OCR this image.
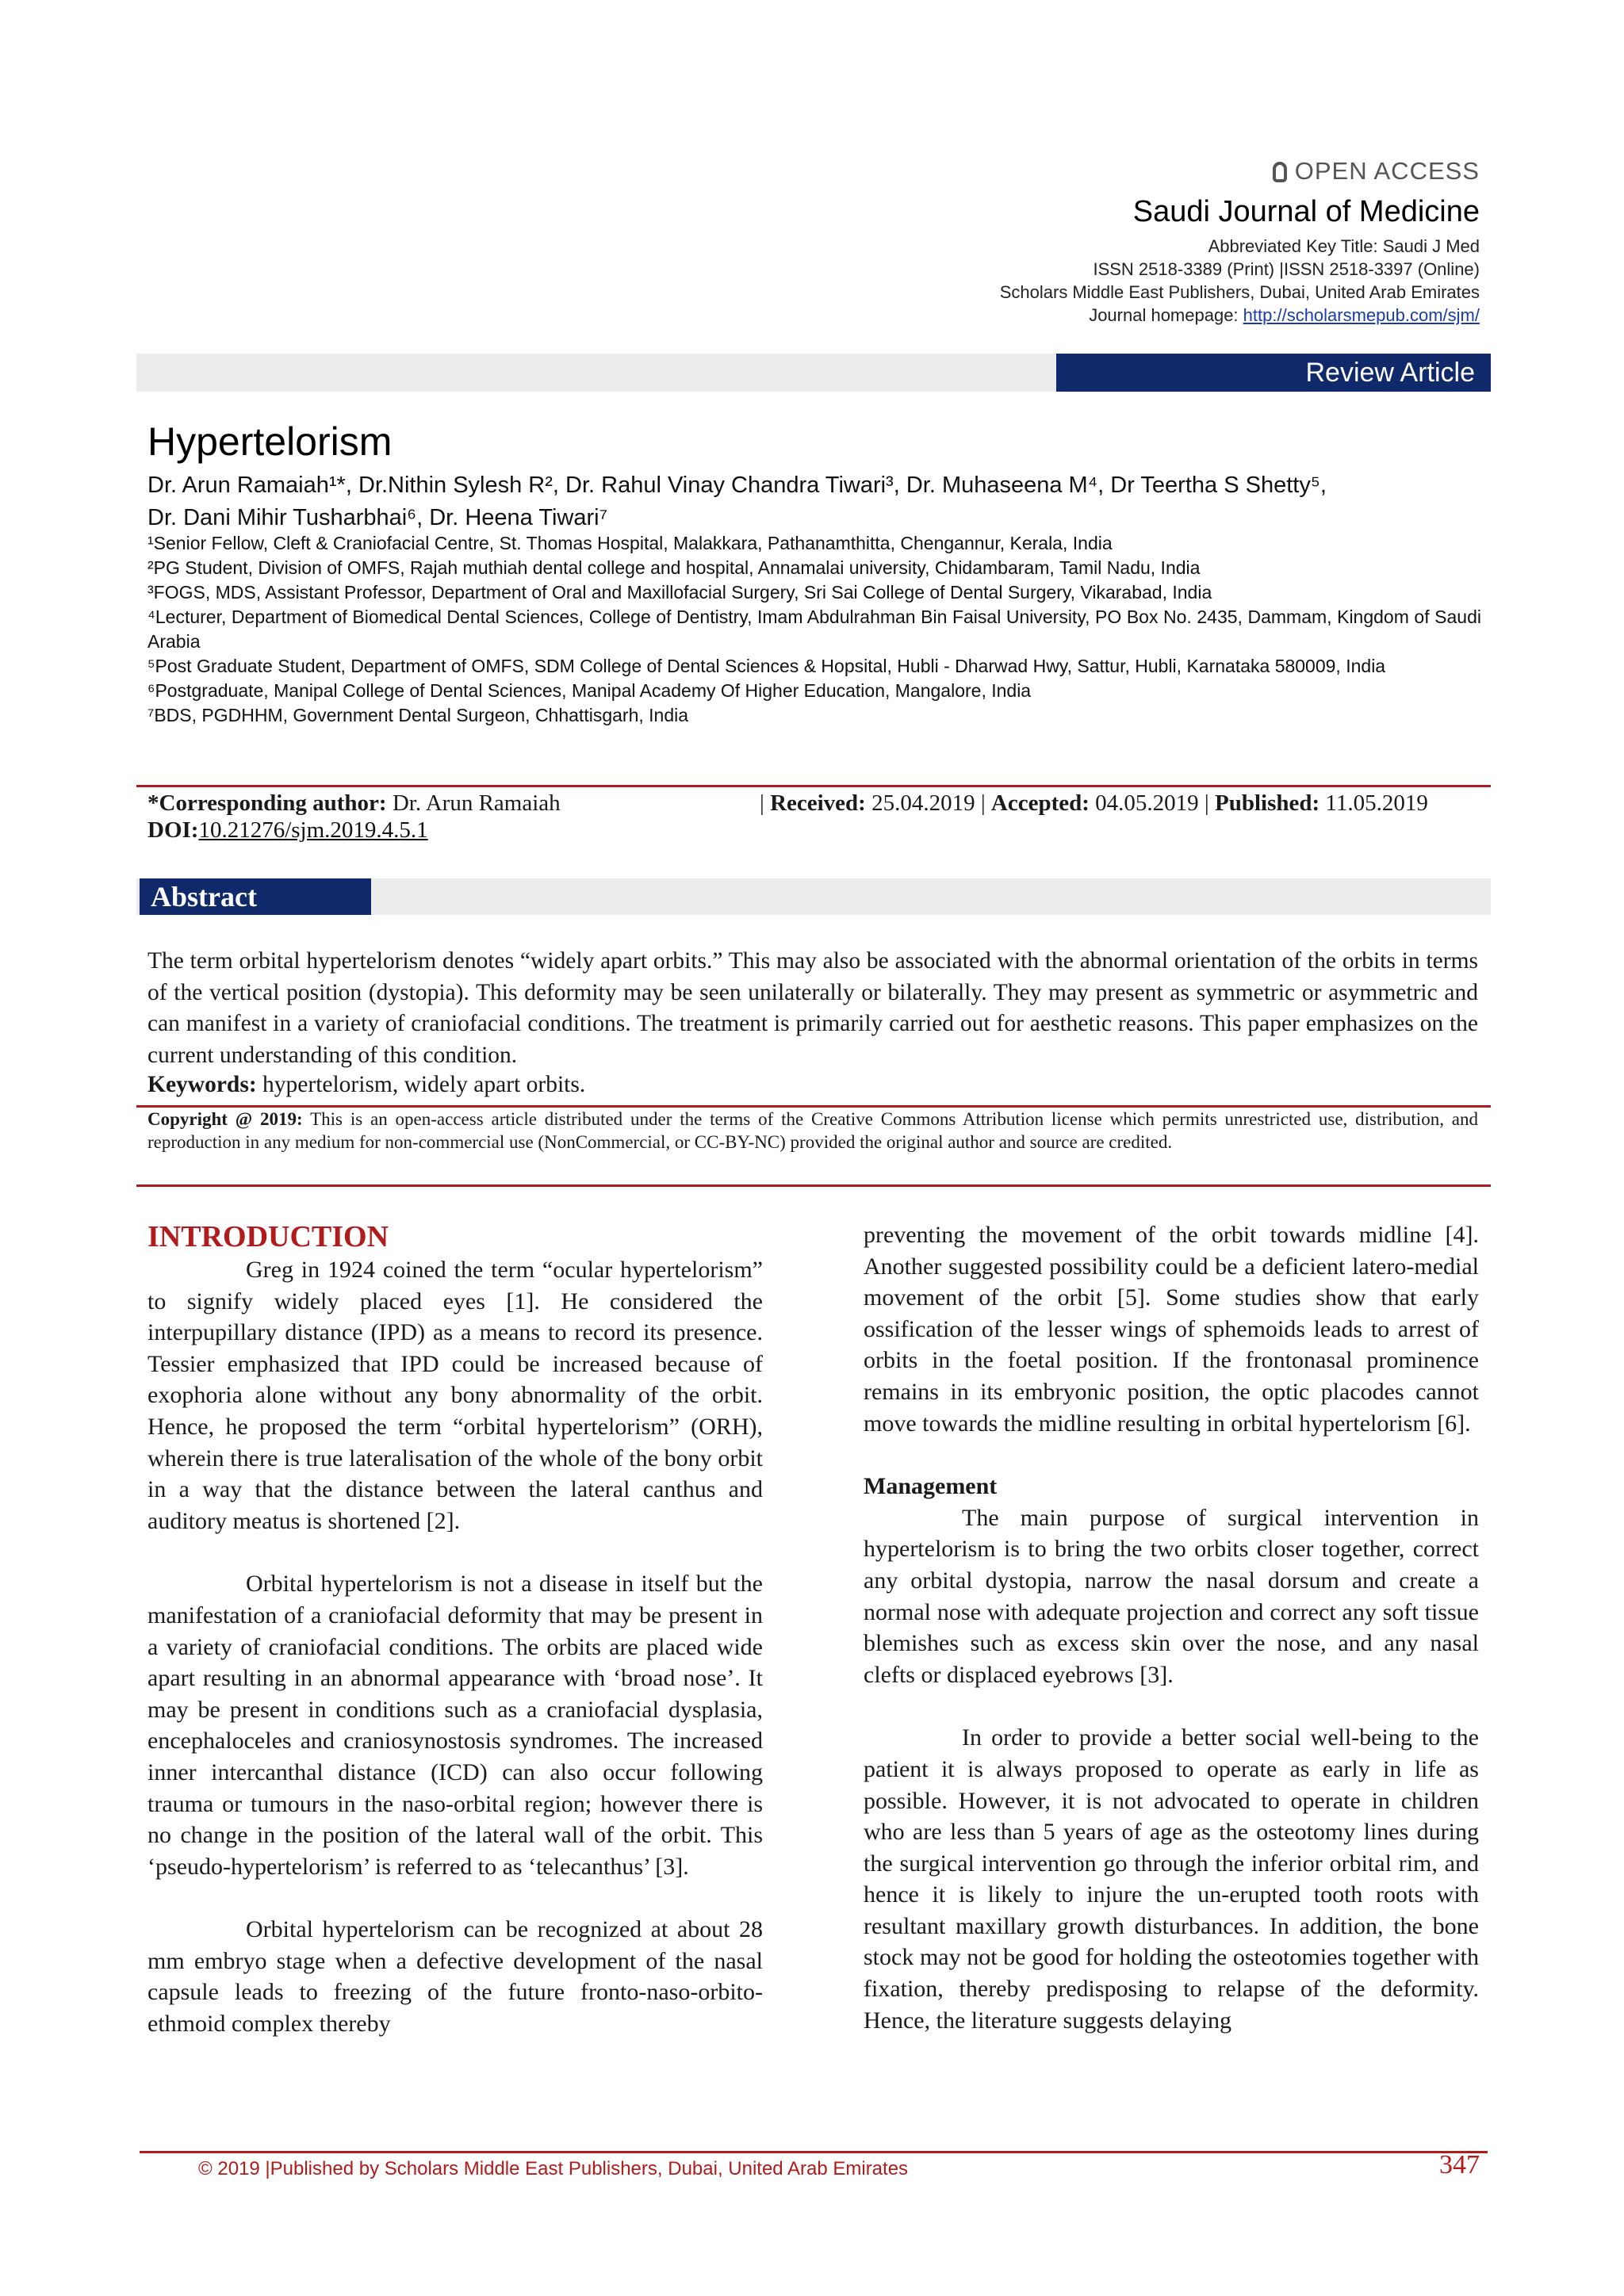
OPEN ACCESS
Saudi Journal of Medicine
Abbreviated Key Title: Saudi J Med
ISSN 2518-3389 (Print) |ISSN 2518-3397 (Online)
Scholars Middle East Publishers, Dubai, United Arab Emirates
Journal homepage: http://scholarsmepub.com/sjm/
Review Article
Hypertelorism
Dr. Arun Ramaiah¹*, Dr.Nithin Sylesh R², Dr. Rahul Vinay Chandra Tiwari³, Dr. Muhaseena M⁴, Dr Teertha S Shetty⁵,
Dr. Dani Mihir Tusharbhai⁶, Dr. Heena Tiwari⁷
¹Senior Fellow, Cleft & Craniofacial Centre, St. Thomas Hospital, Malakkara, Pathanamthitta, Chengannur, Kerala, India
²PG Student, Division of OMFS, Rajah muthiah dental college and hospital, Annamalai university, Chidambaram, Tamil Nadu, India
³FOGS, MDS, Assistant Professor, Department of Oral and Maxillofacial Surgery, Sri Sai College of Dental Surgery, Vikarabad, India
⁴Lecturer, Department of Biomedical Dental Sciences, College of Dentistry, Imam Abdulrahman Bin Faisal University, PO Box No. 2435, Dammam, Kingdom of Saudi Arabia
⁵Post Graduate Student, Department of OMFS, SDM College of Dental Sciences & Hopsital, Hubli - Dharwad Hwy, Sattur, Hubli, Karnataka 580009, India
⁶Postgraduate, Manipal College of Dental Sciences, Manipal Academy Of Higher Education, Mangalore, India
⁷BDS, PGDHHM, Government Dental Surgeon, Chhattisgarh, India
*Corresponding author: Dr. Arun Ramaiah	| Received: 25.04.2019 | Accepted: 04.05.2019 | Published: 11.05.2019
DOI:10.21276/sjm.2019.4.5.1
Abstract
The term orbital hypertelorism denotes “widely apart orbits.” This may also be associated with the abnormal orientation of the orbits in terms of the vertical position (dystopia). This deformity may be seen unilaterally or bilaterally. They may present as symmetric or asymmetric and can manifest in a variety of craniofacial conditions. The treatment is primarily carried out for aesthetic reasons. This paper emphasizes on the current understanding of this condition.
Keywords: hypertelorism, widely apart orbits.
Copyright @ 2019: This is an open-access article distributed under the terms of the Creative Commons Attribution license which permits unrestricted use, distribution, and reproduction in any medium for non-commercial use (NonCommercial, or CC-BY-NC) provided the original author and source are credited.
INTRODUCTION

Greg in 1924 coined the term “ocular hypertelorism” to signify widely placed eyes [1]. He considered the interpupillary distance (IPD) as a means to record its presence. Tessier emphasized that IPD could be increased because of exophoria alone without any bony abnormality of the orbit. Hence, he proposed the term “orbital hypertelorism” (ORH), wherein there is true lateralisation of the whole of the bony orbit in a way that the distance between the lateral canthus and auditory meatus is shortened [2].

Orbital hypertelorism is not a disease in itself but the manifestation of a craniofacial deformity that may be present in a variety of craniofacial conditions. The orbits are placed wide apart resulting in an abnormal appearance with ‘broad nose’. It may be present in conditions such as a craniofacial dysplasia, encephaloceles and craniosynostosis syndromes. The increased inner intercanthal distance (ICD) can also occur following trauma or tumours in the naso-orbital region; however there is no change in the position of the lateral wall of the orbit. This ‘pseudo-hypertelorism’ is referred to as ‘telecanthus’ [3].

Orbital hypertelorism can be recognized at about 28 mm embryo stage when a defective development of the nasal capsule leads to freezing of the future fronto-naso-orbito-ethmoid complex thereby

preventing the movement of the orbit towards midline [4]. Another suggested possibility could be a deficient latero-medial movement of the orbit [5]. Some studies show that early ossification of the lesser wings of sphemoids leads to arrest of orbits in the foetal position. If the frontonasal prominence remains in its embryonic position, the optic placodes cannot move towards the midline resulting in orbital hypertelorism [6].

Management

The main purpose of surgical intervention in hypertelorism is to bring the two orbits closer together, correct any orbital dystopia, narrow the nasal dorsum and create a normal nose with adequate projection and correct any soft tissue blemishes such as excess skin over the nose, and any nasal clefts or displaced eyebrows [3].

In order to provide a better social well-being to the patient it is always proposed to operate as early in life as possible. However, it is not advocated to operate in children who are less than 5 years of age as the osteotomy lines during the surgical intervention go through the inferior orbital rim, and hence it is likely to injure the un-erupted tooth roots with resultant maxillary growth disturbances. In addition, the bone stock may not be good for holding the osteotomies together with fixation, thereby predisposing to relapse of the deformity. Hence, the literature suggests delaying

© 2019 |Published by Scholars Middle East Publishers, Dubai, United Arab Emirates	347
